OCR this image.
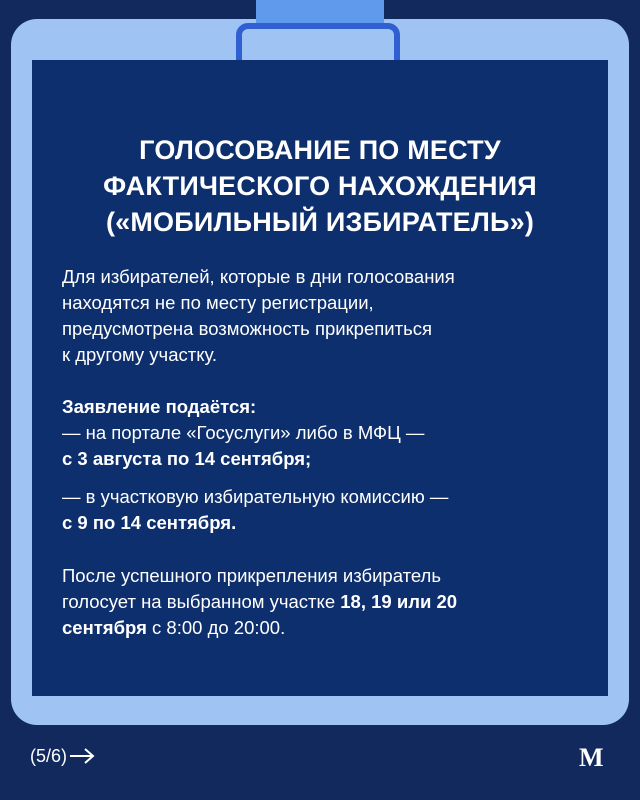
ГОЛОСОВАНИЕ ПО МЕСТУ
ФАКТИЧЕСКОГО НАХОЖДЕНИЯ
(«МОБИЛЬНЫЙ ИЗБИРАТЕЛЬ»)

Для избирателей, которые в дни голосования
находятся не по месту регистрации,
предусмотрена возможность прикрепиться
к другому участку.

Заявление подаётся:
— на портале «Госуслуги» либо в МФЦ —
с 3 августа по 14 сентября;

— в участковую избирательную комиссию —
с 9 по 14 сентября.

После успешного прикрепления избиратель
голосует на выбранном участке 18, 19 или 20
сентября с 8:00 до 20:00.

(5/6)	M
